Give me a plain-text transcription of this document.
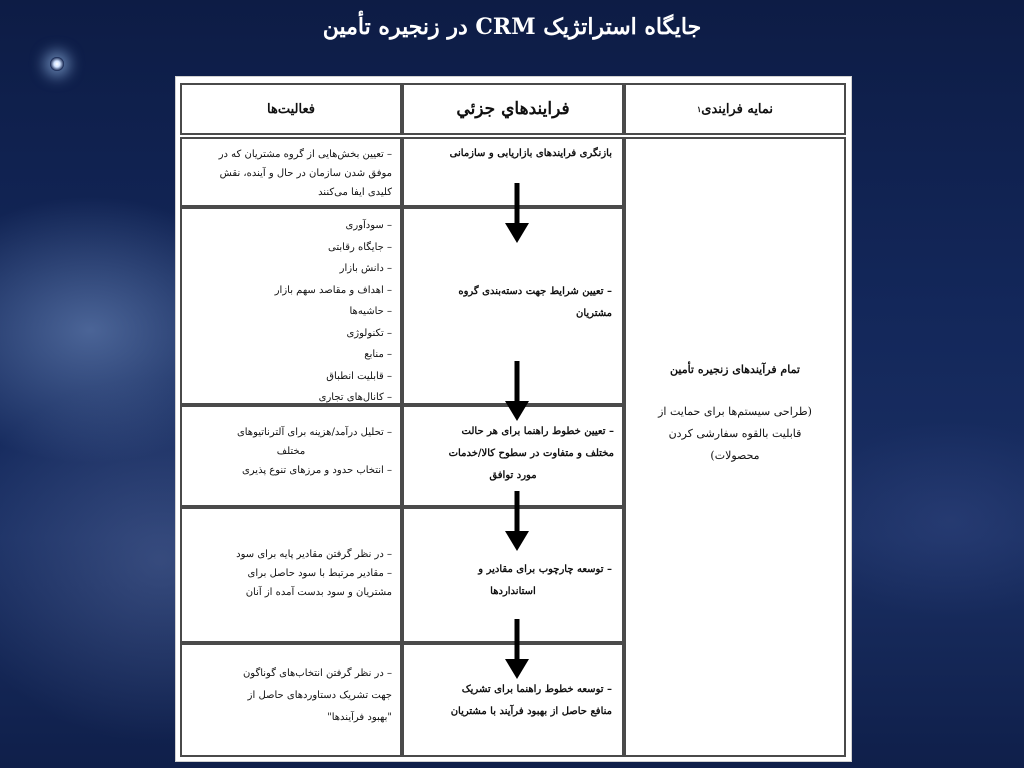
جایگاه استراتژیک CRM در زنجیره تأمین
فعالیت‌ها	فرايندهاي جزئي	نمایه فرایندی
۱
– تعیین بخش‌هایی از گروه مشتریان که در
موفق شدن سازمان در حال و آینده، نقش
کلیدی ایفا می‌کنند
بازنگری فرایندهای بازاریابی و سازمانی
– سودآوری
– جایگاه رقابتی
– دانش بازار
– اهداف و مقاصد سهم بازار
– حاشیه‌ها
– تکنولوژی
– منابع
– قابلیت انطباق
– کانال‌های تجاری
– تعیین شرایط جهت دسته‌بندی گروه
مشتریان
– تحلیل درآمد/هزینه برای آلترناتیوهای
مختلف
– انتخاب حدود و مرزهای تنوع پذیری
– تعیین خطوط راهنما برای هر حالت
مختلف و متفاوت در سطوح کالا/خدمات
مورد توافق
– در نظر گرفتن مقادیر پایه برای سود
– مقادیر مرتبط با سود حاصل برای
مشتریان و سود بدست آمده از آنان
– توسعه چارچوب برای مقادیر و
استانداردها
– در نظر گرفتن انتخاب‌های گوناگون
جهت تشریک دستاوردهای حاصل از
"بهبود فرآیندها"
– توسعه خطوط راهنما برای تشریک
منافع حاصل از بهبود فرآیند با مشتریان
تمام فرآیندهای زنجیره تأمین
(طراحی سیستم‌ها برای حمایت از
قابلیت بالقوه سفارشی کردن
محصولات)
